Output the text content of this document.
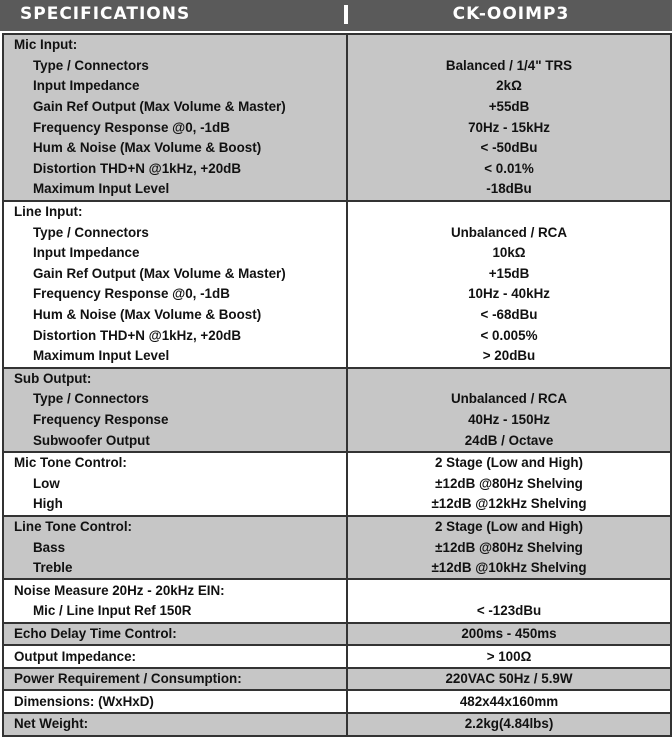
SPECIFICATIONS	CK-OOIMP3
Mic Input:	
Type / Connectors	Balanced / 1/4" TRS
Input Impedance	2kΩ
Gain Ref Output (Max Volume & Master)	+55dB
Frequency Response @0, -1dB	70Hz - 15kHz
Hum & Noise (Max Volume & Boost)	< -50dBu
Distortion THD+N @1kHz, +20dB	< 0.01%
Maximum Input Level	-18dBu
Line Input:	
Type / Connectors	Unbalanced / RCA
Input Impedance	10kΩ
Gain Ref Output (Max Volume & Master)	+15dB
Frequency Response @0, -1dB	10Hz - 40kHz
Hum & Noise (Max Volume & Boost)	< -68dBu
Distortion THD+N @1kHz, +20dB	< 0.005%
Maximum Input Level	> 20dBu
Sub Output:	
Type / Connectors	Unbalanced / RCA
Frequency Response	40Hz - 150Hz
Subwoofer Output	24dB / Octave
Mic Tone Control:	2 Stage (Low and High)
Low	±12dB @80Hz Shelving
High	±12dB @12kHz Shelving
Line Tone Control:	2 Stage (Low and High)
Bass	±12dB @80Hz Shelving
Treble	±12dB @10kHz Shelving
Noise Measure 20Hz - 20kHz EIN:	
Mic / Line Input Ref 150R	< -123dBu
Echo Delay Time Control:	200ms - 450ms
Output Impedance:	> 100Ω
Power Requirement / Consumption:	220VAC 50Hz / 5.9W
Dimensions: (WxHxD)	482x44x160mm
Net Weight:	2.2kg(4.84lbs)
